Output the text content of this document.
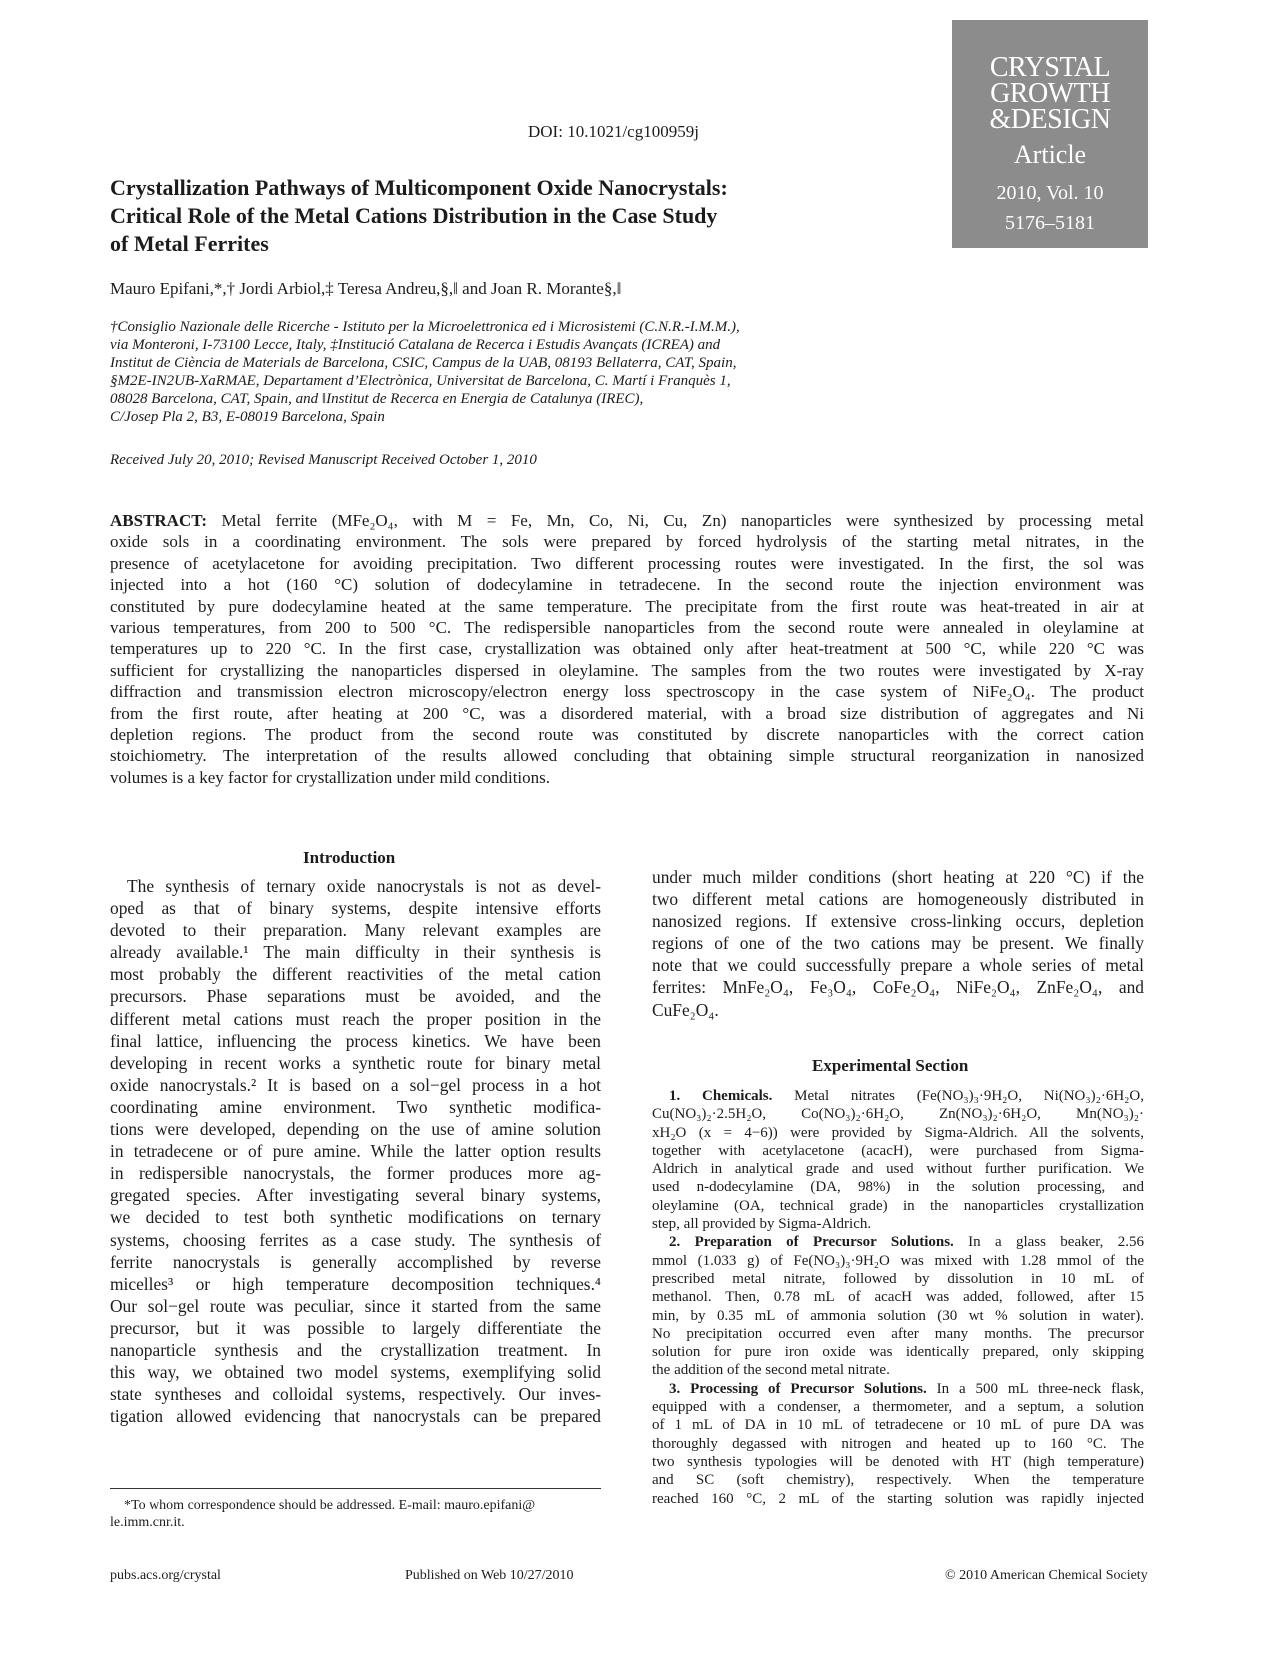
DOI: 10.1021/cg100959j
CRYSTAL
GROWTH
&DESIGN
Article
2010, Vol. 10
5176–5181
Crystallization Pathways of Multicomponent Oxide Nanocrystals:
Critical Role of the Metal Cations Distribution in the Case Study
of Metal Ferrites
Mauro Epifani,*,† Jordi Arbiol,‡ Teresa Andreu,§,‖ and Joan R. Morante§,‖
†Consiglio Nazionale delle Ricerche - Istituto per la Microelettronica ed i Microsistemi (C.N.R.-I.M.M.),
via Monteroni, I-73100 Lecce, Italy, ‡Institució Catalana de Recerca i Estudis Avançats (ICREA) and
Institut de Ciència de Materials de Barcelona, CSIC, Campus de la UAB, 08193 Bellaterra, CAT, Spain,
§M2E-IN2UB-XaRMAE, Departament d’Electrònica, Universitat de Barcelona, C. Martí i Franquès 1,
08028 Barcelona, CAT, Spain, and ‖Institut de Recerca en Energia de Catalunya (IREC),
C/Josep Pla 2, B3, E-08019 Barcelona, Spain
Received July 20, 2010; Revised Manuscript Received October 1, 2010
ABSTRACT: Metal ferrite (MFe₂O₄, with M = Fe, Mn, Co, Ni, Cu, Zn) nanoparticles were synthesized by processing metal
oxide sols in a coordinating environment. The sols were prepared by forced hydrolysis of the starting metal nitrates, in the
presence of acetylacetone for avoiding precipitation. Two different processing routes were investigated. In the first, the sol was
injected into a hot (160 °C) solution of dodecylamine in tetradecene. In the second route the injection environment was
constituted by pure dodecylamine heated at the same temperature. The precipitate from the first route was heat-treated in air at
various temperatures, from 200 to 500 °C. The redispersible nanoparticles from the second route were annealed in oleylamine at
temperatures up to 220 °C. In the first case, crystallization was obtained only after heat-treatment at 500 °C, while 220 °C was
sufficient for crystallizing the nanoparticles dispersed in oleylamine. The samples from the two routes were investigated by X-ray
diffraction and transmission electron microscopy/electron energy loss spectroscopy in the case system of NiFe₂O₄. The product
from the first route, after heating at 200 °C, was a disordered material, with a broad size distribution of aggregates and Ni
depletion regions. The product from the second route was constituted by discrete nanoparticles with the correct cation
stoichiometry. The interpretation of the results allowed concluding that obtaining simple structural reorganization in nanosized
volumes is a key factor for crystallization under mild conditions.
Introduction
The synthesis of ternary oxide nanocrystals is not as devel-
oped as that of binary systems, despite intensive efforts
devoted to their preparation. Many relevant examples are
already available.¹ The main difficulty in their synthesis is
most probably the different reactivities of the metal cation
precursors. Phase separations must be avoided, and the
different metal cations must reach the proper position in the
final lattice, influencing the process kinetics. We have been
developing in recent works a synthetic route for binary metal
oxide nanocrystals.² It is based on a sol−gel process in a hot
coordinating amine environment. Two synthetic modifica-
tions were developed, depending on the use of amine solution
in tetradecene or of pure amine. While the latter option results
in redispersible nanocrystals, the former produces more ag-
gregated species. After investigating several binary systems,
we decided to test both synthetic modifications on ternary
systems, choosing ferrites as a case study. The synthesis of
ferrite nanocrystals is generally accomplished by reverse
micelles³ or high temperature decomposition techniques.⁴
Our sol−gel route was peculiar, since it started from the same
precursor, but it was possible to largely differentiate the
nanoparticle synthesis and the crystallization treatment. In
this way, we obtained two model systems, exemplifying solid
state syntheses and colloidal systems, respectively. Our inves-
tigation allowed evidencing that nanocrystals can be prepared
*To whom correspondence should be addressed. E-mail: mauro.epifani@
le.imm.cnr.it.
under much milder conditions (short heating at 220 °C) if the
two different metal cations are homogeneously distributed in
nanosized regions. If extensive cross-linking occurs, depletion
regions of one of the two cations may be present. We finally
note that we could successfully prepare a whole series of metal
ferrites: MnFe₂O₄, Fe₃O₄, CoFe₂O₄, NiFe₂O₄, ZnFe₂O₄, and
CuFe₂O₄.
Experimental Section
1. Chemicals. Metal nitrates (Fe(NO₃)₃·9H₂O, Ni(NO₃)₂·6H₂O,
Cu(NO₃)₂·2.5H₂O, Co(NO₃)₂·6H₂O, Zn(NO₃)₂·6H₂O, Mn(NO₃)₂·
xH₂O (x = 4−6)) were provided by Sigma-Aldrich. All the solvents,
together with acetylacetone (acacH), were purchased from Sigma-
Aldrich in analytical grade and used without further purification. We
used n-dodecylamine (DA, 98%) in the solution processing, and
oleylamine (OA, technical grade) in the nanoparticles crystallization
step, all provided by Sigma-Aldrich.
2. Preparation of Precursor Solutions. In a glass beaker, 2.56
mmol (1.033 g) of Fe(NO₃)₃·9H₂O was mixed with 1.28 mmol of the
prescribed metal nitrate, followed by dissolution in 10 mL of
methanol. Then, 0.78 mL of acacH was added, followed, after 15
min, by 0.35 mL of ammonia solution (30 wt % solution in water).
No precipitation occurred even after many months. The precursor
solution for pure iron oxide was identically prepared, only skipping
the addition of the second metal nitrate.
3. Processing of Precursor Solutions. In a 500 mL three-neck flask,
equipped with a condenser, a thermometer, and a septum, a solution
of 1 mL of DA in 10 mL of tetradecene or 10 mL of pure DA was
thoroughly degassed with nitrogen and heated up to 160 °C. The
two synthesis typologies will be denoted with HT (high temperature)
and SC (soft chemistry), respectively. When the temperature
reached 160 °C, 2 mL of the starting solution was rapidly injected
pubs.acs.org/crystal	Published on Web 10/27/2010	© 2010 American Chemical Society
